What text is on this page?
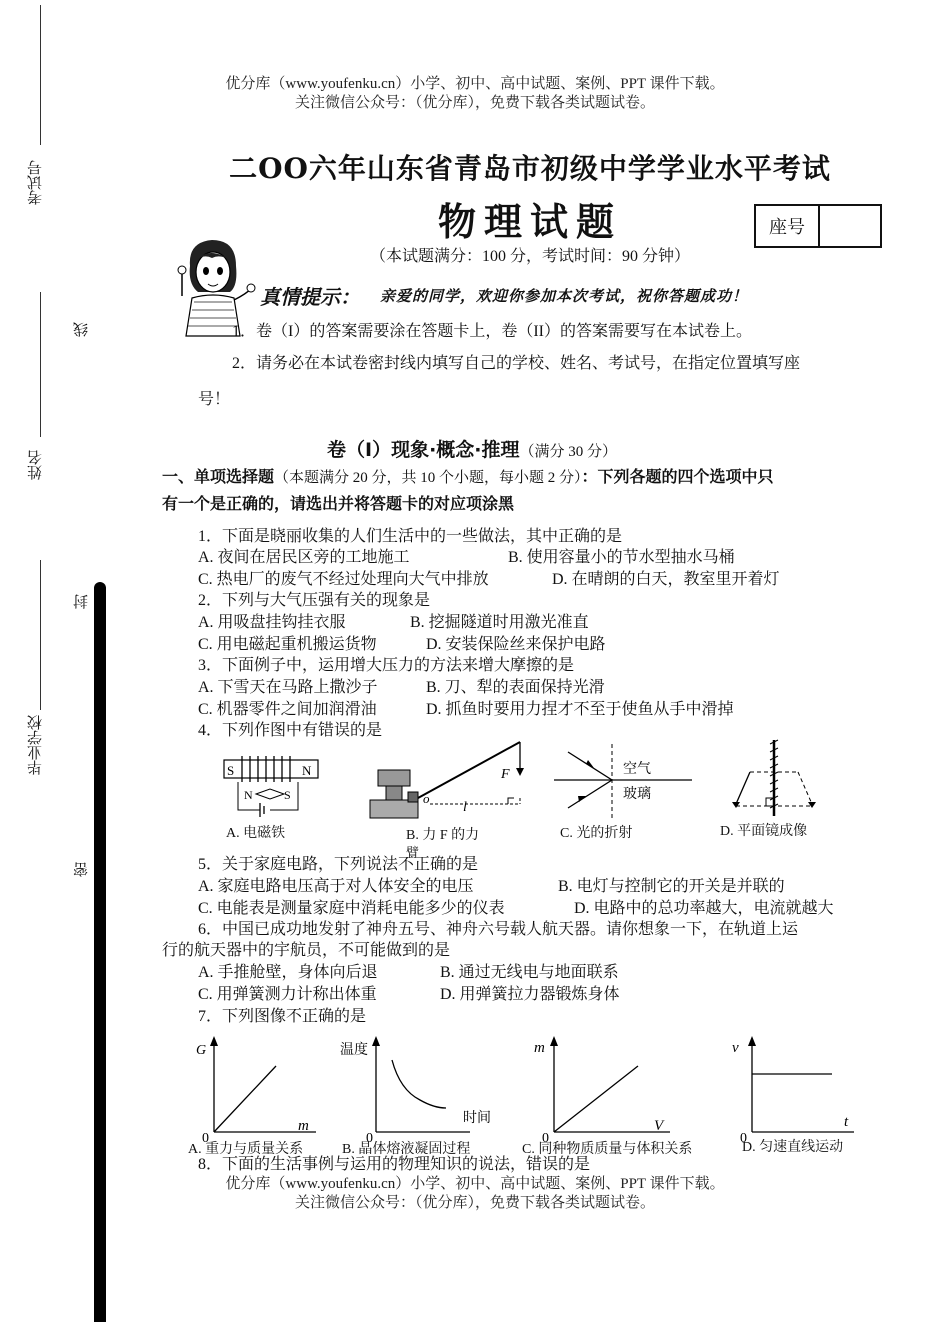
优分库（www.youfenku.cn）小学、初中、高中试题、案例、PPT 课件下载。
关注微信公众号：（优分库），免费下载各类试题试卷。
考试号
姓名
毕业学校
线
封
密
二OO六年山东省青岛市初级中学学业水平考试
物理试题	座号
（本试题满分：100 分，考试时间：90 分钟）
真情提示： 亲爱的同学，欢迎你参加本次考试，祝你答题成功！
1．卷（I）的答案需要涂在答题卡上，卷（II）的答案需要写在本试卷上。
2．请务必在本试卷密封线内填写自己的学校、姓名、考试号，在指定位置填写座
号！
卷（Ⅰ）现象·概念·推理（满分 30 分）
一、单项选择题（本题满分 20 分，共 10 个小题，每小题 2 分）：下列各题的四个选项中只
有一个是正确的，请选出并将答题卡的对应项涂黑
1．下面是晓丽收集的人们生活中的一些做法，其中正确的是
A. 夜间在居民区旁的工地施工	B. 使用容量小的节水型抽水马桶
C. 热电厂的废气不经过处理向大气中排放	D. 在晴朗的白天，教室里开着灯
2．下列与大气压强有关的现象是
A. 用吸盘挂钩挂衣服	B. 挖掘隧道时用激光准直
C. 用电磁起重机搬运货物	D. 安装保险丝来保护电路
3．下面例子中，运用增大压力的方法来增大摩擦的是
A. 下雪天在马路上撒沙子	B. 刀、犁的表面保持光滑
C. 机器零件之间加润滑油	D. 抓鱼时要用力捏才不至于使鱼从手中滑掉
4．下列作图中有错误的是
S	N
N	S
A. 电磁铁
F
o
l
B. 力 F 的力
臂
空气
玻璃
C. 光的折射	D. 平面镜成像
5．关于家庭电路，下列说法不正确的是
A. 家庭电路电压高于对人体安全的电压	B. 电灯与控制它的开关是并联的
C. 电能表是测量家庭中消耗电能多少的仪表	D. 电路中的总功率越大，电流就越大
6．中国已成功地发射了神舟五号、神舟六号载人航天器。请你想象一下，在轨道上运
行的航天器中的宇航员，不可能做到的是
A. 手推舱壁，身体向后退	B. 通过无线电与地面联系
C. 用弹簧测力计称出体重	D. 用弹簧拉力器锻炼身体
7．下列图像不正确的是
G
m
0
A. 重力与质量关系
温度
时间
0
B. 晶体熔液凝固过程
m
V
0
C. 同种物质质量与体积关系
v
t
0
D. 匀速直线运动
8．下面的生活事例与运用的物理知识的说法，错误的是
优分库（www.youfenku.cn）小学、初中、高中试题、案例、PPT 课件下载。
关注微信公众号：（优分库），免费下载各类试题试卷。
